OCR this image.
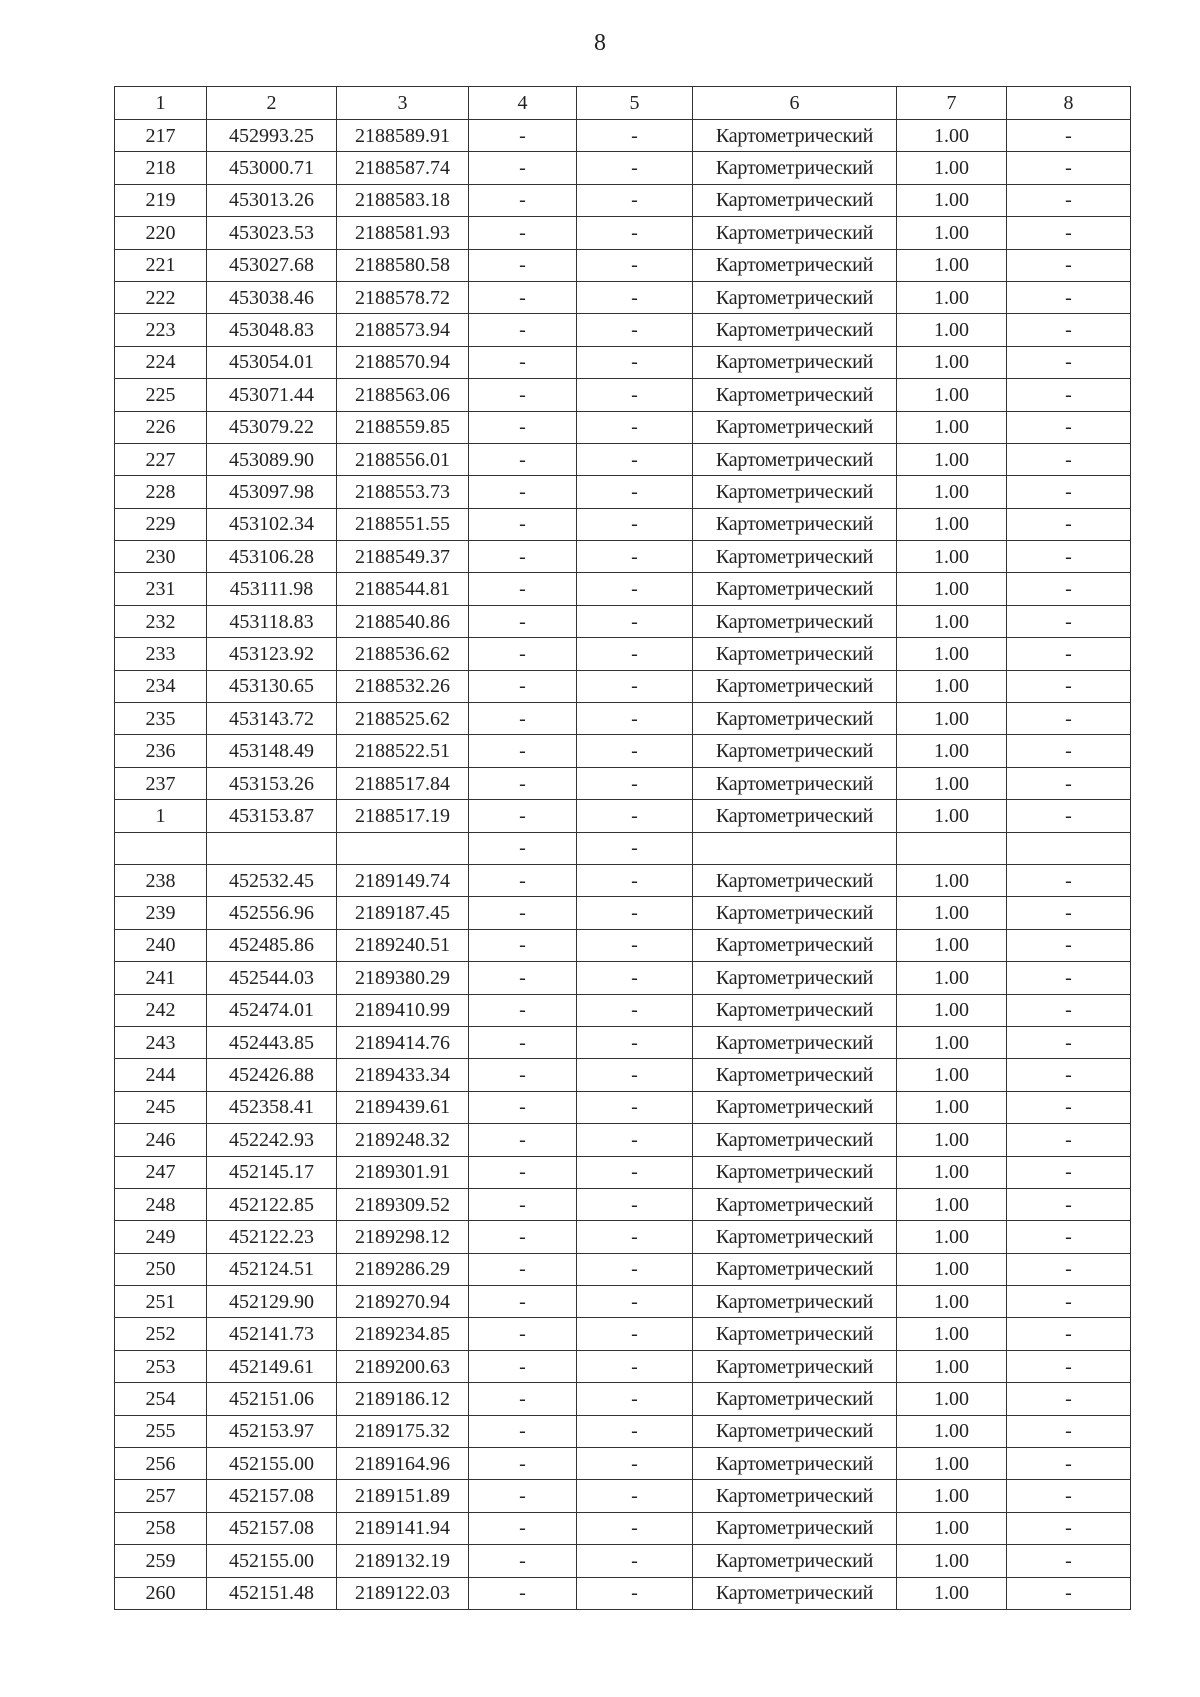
8
1	2	3	4	5	6	7	8
217	452993.25	2188589.91	-	-	Картометрический	1.00	-
218	453000.71	2188587.74	-	-	Картометрический	1.00	-
219	453013.26	2188583.18	-	-	Картометрический	1.00	-
220	453023.53	2188581.93	-	-	Картометрический	1.00	-
221	453027.68	2188580.58	-	-	Картометрический	1.00	-
222	453038.46	2188578.72	-	-	Картометрический	1.00	-
223	453048.83	2188573.94	-	-	Картометрический	1.00	-
224	453054.01	2188570.94	-	-	Картометрический	1.00	-
225	453071.44	2188563.06	-	-	Картометрический	1.00	-
226	453079.22	2188559.85	-	-	Картометрический	1.00	-
227	453089.90	2188556.01	-	-	Картометрический	1.00	-
228	453097.98	2188553.73	-	-	Картометрический	1.00	-
229	453102.34	2188551.55	-	-	Картометрический	1.00	-
230	453106.28	2188549.37	-	-	Картометрический	1.00	-
231	453111.98	2188544.81	-	-	Картометрический	1.00	-
232	453118.83	2188540.86	-	-	Картометрический	1.00	-
233	453123.92	2188536.62	-	-	Картометрический	1.00	-
234	453130.65	2188532.26	-	-	Картометрический	1.00	-
235	453143.72	2188525.62	-	-	Картометрический	1.00	-
236	453148.49	2188522.51	-	-	Картометрический	1.00	-
237	453153.26	2188517.84	-	-	Картометрический	1.00	-
1	453153.87	2188517.19	-	-	Картометрический	1.00	-
			-	-			
238	452532.45	2189149.74	-	-	Картометрический	1.00	-
239	452556.96	2189187.45	-	-	Картометрический	1.00	-
240	452485.86	2189240.51	-	-	Картометрический	1.00	-
241	452544.03	2189380.29	-	-	Картометрический	1.00	-
242	452474.01	2189410.99	-	-	Картометрический	1.00	-
243	452443.85	2189414.76	-	-	Картометрический	1.00	-
244	452426.88	2189433.34	-	-	Картометрический	1.00	-
245	452358.41	2189439.61	-	-	Картометрический	1.00	-
246	452242.93	2189248.32	-	-	Картометрический	1.00	-
247	452145.17	2189301.91	-	-	Картометрический	1.00	-
248	452122.85	2189309.52	-	-	Картометрический	1.00	-
249	452122.23	2189298.12	-	-	Картометрический	1.00	-
250	452124.51	2189286.29	-	-	Картометрический	1.00	-
251	452129.90	2189270.94	-	-	Картометрический	1.00	-
252	452141.73	2189234.85	-	-	Картометрический	1.00	-
253	452149.61	2189200.63	-	-	Картометрический	1.00	-
254	452151.06	2189186.12	-	-	Картометрический	1.00	-
255	452153.97	2189175.32	-	-	Картометрический	1.00	-
256	452155.00	2189164.96	-	-	Картометрический	1.00	-
257	452157.08	2189151.89	-	-	Картометрический	1.00	-
258	452157.08	2189141.94	-	-	Картометрический	1.00	-
259	452155.00	2189132.19	-	-	Картометрический	1.00	-
260	452151.48	2189122.03	-	-	Картометрический	1.00	-
